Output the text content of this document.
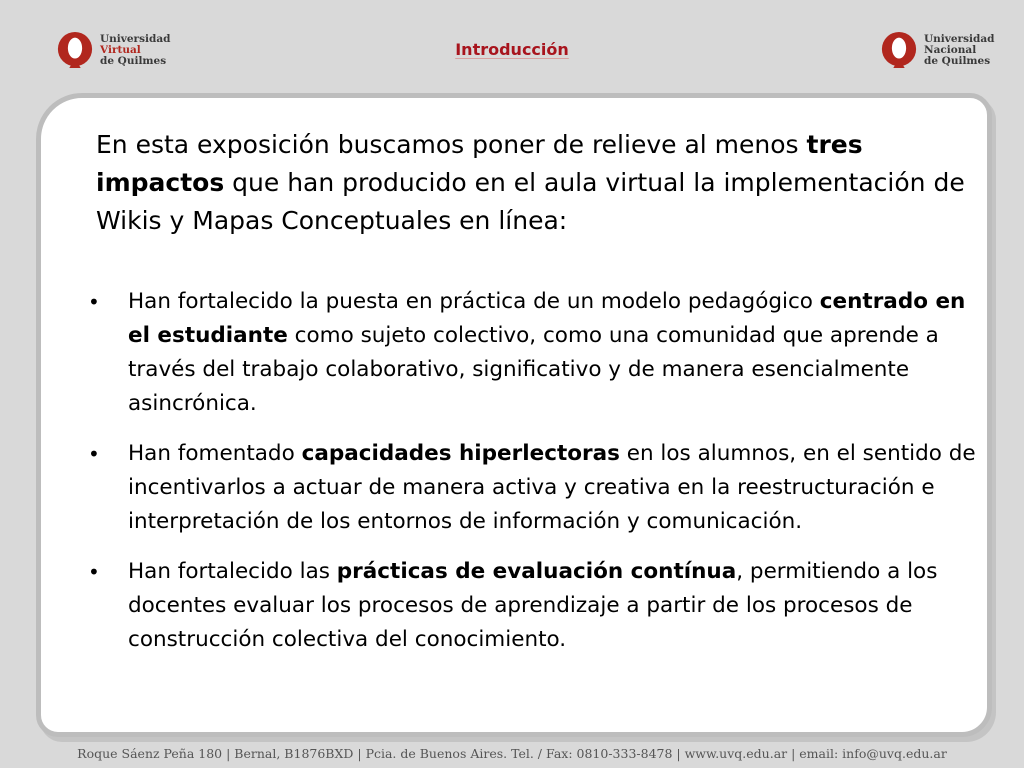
Universidad
Virtual
de Quilmes
Introducción
Universidad
Nacional
de Quilmes

En esta exposición buscamos poner de relieve al menos tres impactos que han producido en el aula virtual la implementación de Wikis y Mapas Conceptuales en línea:

• Han fortalecido la puesta en práctica de un modelo pedagógico centrado en el estudiante como sujeto colectivo, como una comunidad que aprende a través del trabajo colaborativo, significativo y de manera esencialmente asincrónica.
• Han fomentado capacidades hiperlectoras en los alumnos, en el sentido de incentivarlos a actuar de manera activa y creativa en la reestructuración e interpretación de los entornos de información y comunicación.
• Han fortalecido las prácticas de evaluación contínua, permitiendo a los docentes evaluar los procesos de aprendizaje a partir de los procesos de construcción colectiva del conocimiento.

Roque Sáenz Peña 180 | Bernal, B1876BXD | Pcia. de Buenos Aires. Tel. / Fax: 0810-333-8478 | www.uvq.edu.ar | email: info@uvq.edu.ar
